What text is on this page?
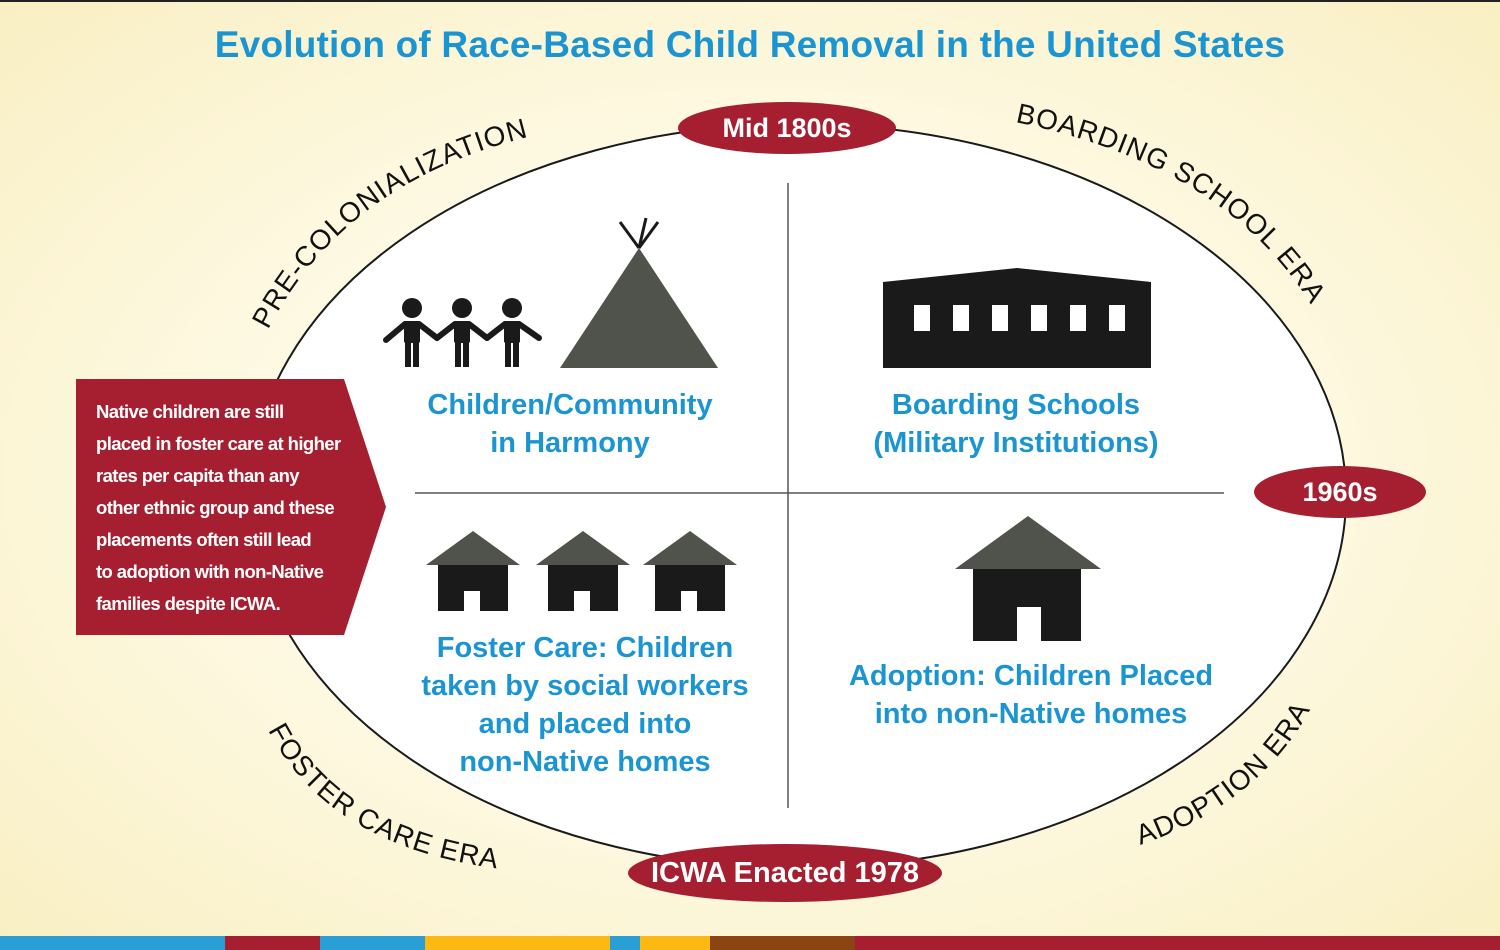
Evolution of Race-Based Child Removal in the United States
PRE-COLONIALIZATION	BOARDING SCHOOL ERA
FOSTER CARE ERA
ADOPTION ERA
Children/Community
in Harmony
Boarding Schools
(Military Institutions)
Foster Care: Children
taken by social workers
and placed into
non-Native homes
Adoption: Children Placed
into non-Native homes
Mid 1800s
1960s
ICWA Enacted 1978
Native children are still
placed in foster care at higher
rates per capita than any
other ethnic group and these
placements often still lead
to adoption with non-Native
families despite ICWA.
